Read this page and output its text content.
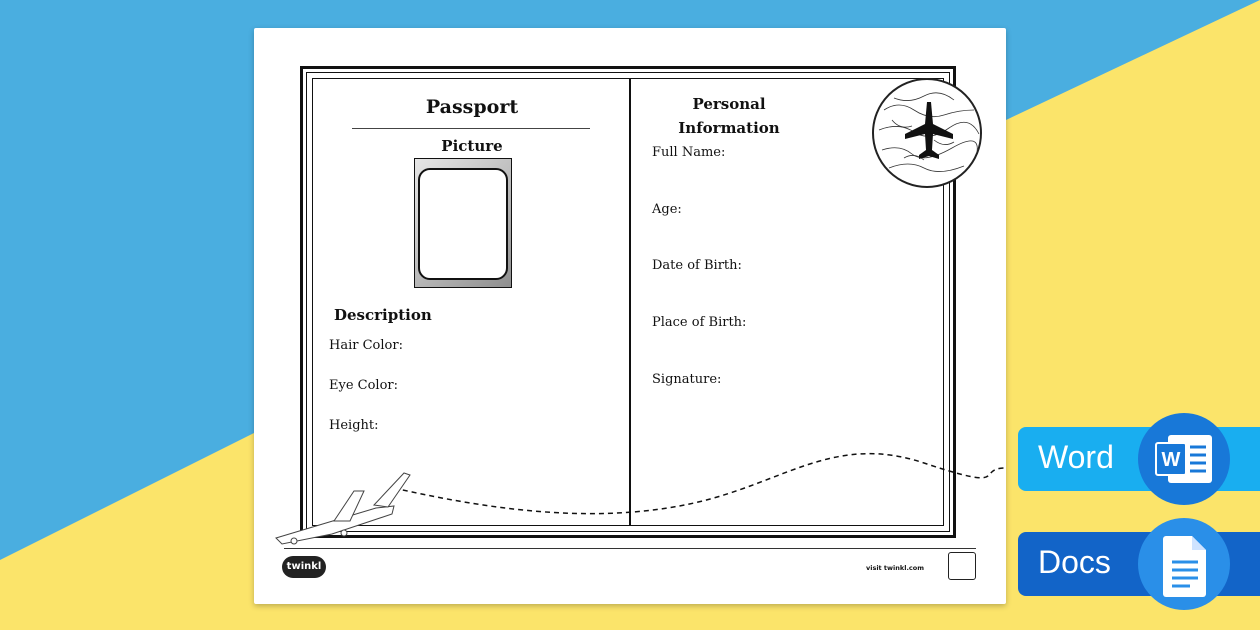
Passport
Picture
Description
Hair Color:
Eye Color:
Height:
Personal
Information
Full Name:
Age:
Date of Birth:
Place of Birth:
Signature:
twinkl	visit twinkl.com
Word W
Docs
